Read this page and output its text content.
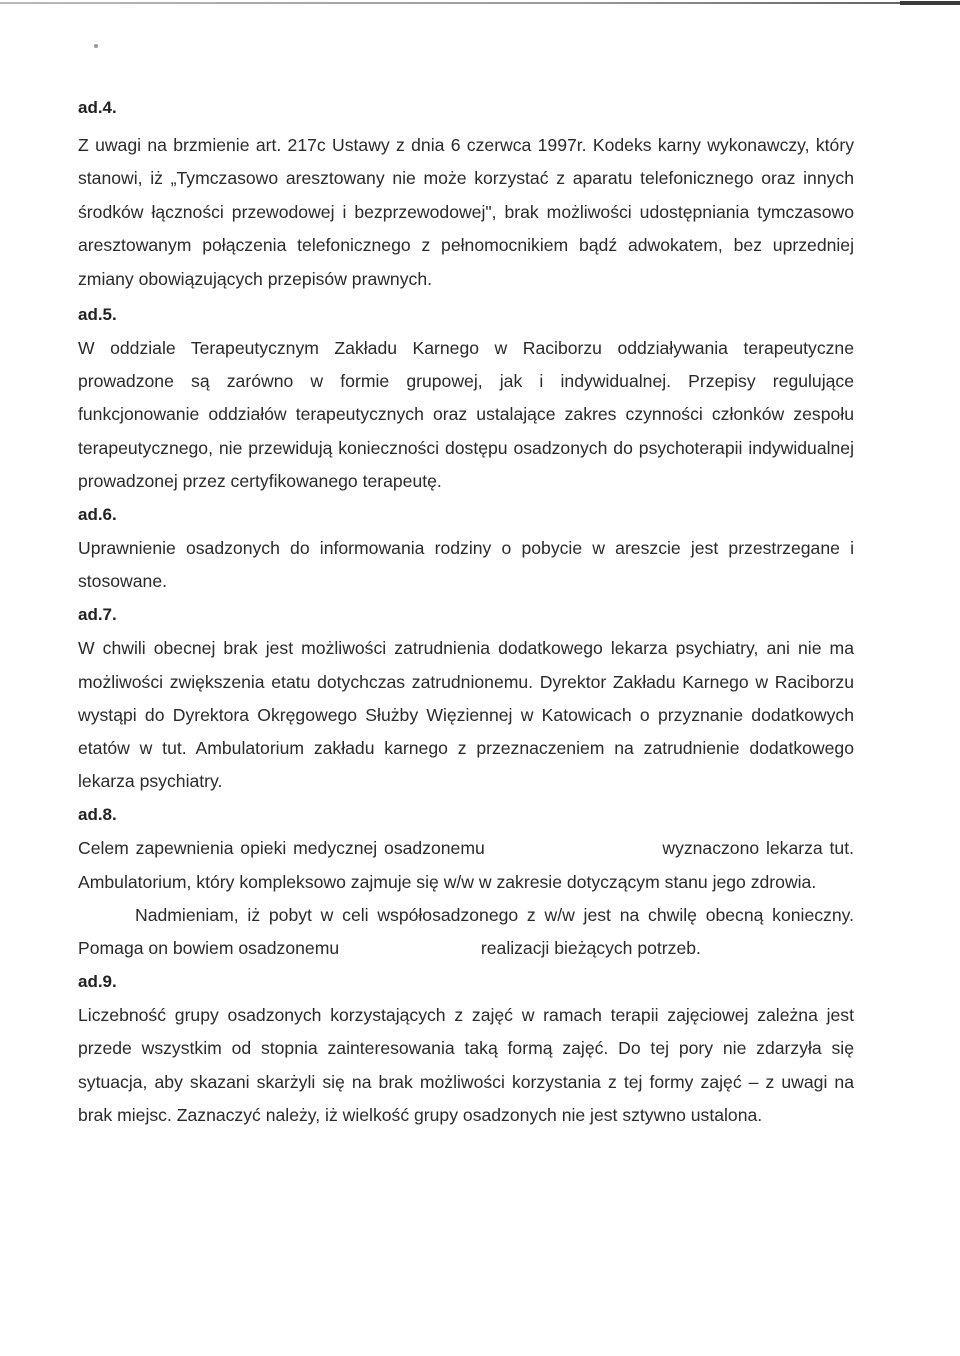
ad.4.

Z uwagi na brzmienie art. 217c Ustawy z dnia 6 czerwca 1997r. Kodeks karny wykonawczy, który stanowi, iż „Tymczasowo aresztowany nie może korzystać z aparatu telefonicznego oraz innych środków łączności przewodowej i bezprzewodowej", brak możliwości udostępniania tymczasowo aresztowanym połączenia telefonicznego z pełnomocnikiem bądź adwokatem, bez uprzedniej zmiany obowiązujących przepisów prawnych.

ad.5.

W oddziale Terapeutycznym Zakładu Karnego w Raciborzu oddziaływania terapeutyczne prowadzone są zarówno w formie grupowej, jak i indywidualnej. Przepisy regulujące funkcjonowanie oddziałów terapeutycznych oraz ustalające zakres czynności członków zespołu terapeutycznego, nie przewidują konieczności dostępu osadzonych do psychoterapii indywidualnej prowadzonej przez certyfikowanego terapeutę.

ad.6.

Uprawnienie osadzonych do informowania rodziny o pobycie w areszcie jest przestrzegane i stosowane.

ad.7.

W chwili obecnej brak jest możliwości zatrudnienia dodatkowego lekarza psychiatry, ani nie ma możliwości zwiększenia etatu dotychczas zatrudnionemu. Dyrektor Zakładu Karnego w Raciborzu wystąpi do Dyrektora Okręgowego Służby Więziennej w Katowicach o przyznanie dodatkowych etatów w tut. Ambulatorium zakładu karnego z przeznaczeniem na zatrudnienie dodatkowego lekarza psychiatry.

ad.8.

Celem zapewnienia opieki medycznej osadzonemu                          wyznaczono lekarza tut. Ambulatorium, który kompleksowo zajmuje się w/w w zakresie dotyczącym stanu jego zdrowia.

Nadmieniam, iż pobyt w celi współosadzonego z w/w jest na chwilę obecną konieczny. Pomaga on bowiem osadzonemu                             realizacji bieżących potrzeb.

ad.9.

Liczebność grupy osadzonych korzystających z zajęć w ramach terapii zajęciowej zależna jest przede wszystkim od stopnia zainteresowania taką formą zajęć. Do tej pory nie zdarzyła się sytuacja, aby skazani skarżyli się na brak możliwości korzystania z tej formy zajęć – z uwagi na brak miejsc. Zaznaczyć należy, iż wielkość grupy osadzonych nie jest sztywno ustalona.
